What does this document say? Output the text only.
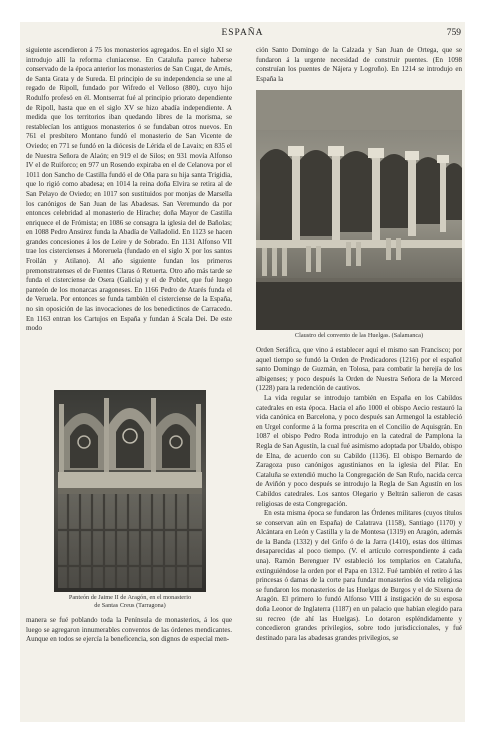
ESPAÑA	759

siguiente ascendieron á 75 los monasterios agregados. En el siglo XI se introdujo allí la reforma cluniacense. En Cataluña parece haberse conservado de la época anterior los monasterios de San Cugat, de Arnés, de Santa Grata y de Sureda. El principio de su independencia se une al regado de Ripoll, fundado por Wifredo el Velloso (880), cuyo hijo Rodulfo profesó en él. Montserrat fué al principio priorato dependiente de Ripoll, hasta que en el siglo XV se hizo abadía independiente. A medida que los territorios iban quedando libres de la morisma, se restablecían los antiguos monasterios ó se fundaban otros nuevos. En 761 el presbítero Montano fundó el monasterio de San Vicente de Oviedo; en 771 se fundó en la diócesis de Lérida el de Lavaix; en 835 el de Nuestra Señora de Alaón; en 919 el de Silos; en 931 movía Alfonso IV el de Ruiforco; en 977 un Rosendo expiraba en el de Celanova por el 1011 don Sancho de Castilla fundó el de Oña para su hija santa Trigidia, que lo rigió como abadesa; en 1014 la reina doña Elvira se retira al de San Pelayo de Oviedo; en 1017 son sustituidos por monjas de Marsella los canónigos de San Juan de las Abadesas. San Veremundo da por entonces celebridad al monasterio de Hirache; doña Mayor de Castilla enriquece el de Frómista; en 1086 se consagra la iglesia del de Bañolas; en 1088 Pedro Ansúrez funda la Abadía de Valladolid. En 1123 se hacen grandes concesiones á los de Leire y de Sobrado. En 1131 Alfonso VII trae los cistercienses á Moreruela (fundado en el siglo X por los santos Froilán y Atilano). Al año siguiente fundan los primeros premonstratenses el de Fuentes Claras ó Retuerta. Otro año más tarde se funda el cisterciense de Osera (Galicia) y el de Poblet, que fué luego panteón de los monarcas aragoneses. En 1166 Pedro de Atarés funda el de Veruela. Por entonces se funda también el cisterciense de la España, no sin oposición de las invocaciones de los benedictinos de Carracedo. En 1163 entran los Cartujos en España y fundan á Scala Dei. De este modo

Panteón de Jaime II de Aragón, en el monasterio
de Santas Creus (Tarragona)

manera se fué poblando toda la Península de monasterios, á los que luego se agregaron innumerables conventos de las órdenes mendicantes. Aunque en todos se ejercía la beneficencia, son dignos de especial men-

ción Santo Domingo de la Calzada y San Juan de Ortega, que se fundaron á la urgente necesidad de construir puentes. (En 1098 construían los puentes de Nájera y Logroño). En 1214 se introdujo en España la

Claustro del convento de las Huelgas. (Salamanca)

Orden Seráfica, que vino á establecer aquí el mismo san Francisco; por aquel tiempo se fundó la Orden de Predicadores (1216) por el español santo Domingo de Guzmán, en Tolosa, para combatir la herejía de los albigenses; y poco después la Orden de Nuestra Señora de la Merced (1228) para la redención de cautivos.

La vida regular se introdujo también en España en los Cabildos catedrales en esta época. Hacia el año 1000 el obispo Aecio restauró la vida canónica en Barcelona, y poco después san Armengol la estableció en Urgel conforme á la forma prescrita en el Concilio de Aquisgrán. En 1087 el obispo Pedro Roda introdujo en la catedral de Pamplona la Regla de San Agustín, la cual fué asimismo adoptada por Ubaldo, obispo de Elna, de acuerdo con su Cabildo (1136). El obispo Bernardo de Zaragoza puso canónigos agustinianos en la iglesia del Pilar. En Cataluña se extendió mucho la Congregación de San Rufo, nacida cerca de Aviñón y poco después se introdujo la Regla de San Agustín en los Cabildos catedrales. Los santos Olegario y Beltrán salieron de casas religiosas de esta Congregación.

En esta misma época se fundaron las Órdenes militares (cuyos títulos se conservan aún en España) de Calatrava (1158), Santiago (1170) y Alcántara en León y Castilla y la de Montesa (1319) en Aragón, además de la Banda (1332) y del Grifo ó de la Jarra (1410), estas dos últimas desaparecidas al poco tiempo. (V. el artículo correspondiente á cada una). Ramón Berenguer IV estableció los templarios en Cataluña, extinguiéndose la orden por el Papa en 1312. Fué también el retiro á las princesas ó damas de la corte para fundar monasterios de vida religiosa se fundaron los monasterios de las Huelgas de Burgos y el de Sixena de Aragón. El primero lo fundó Alfonso VIII á instigación de su esposa doña Leonor de Inglaterra (1187) en un palacio que habían elegido para su recreo (de ahí las Huelgas). Lo dotaron espléndidamente y concedieron grandes privilegios, sobre todo jurisdiccionales, y fué destinado para las abadesas grandes privilegios, se
